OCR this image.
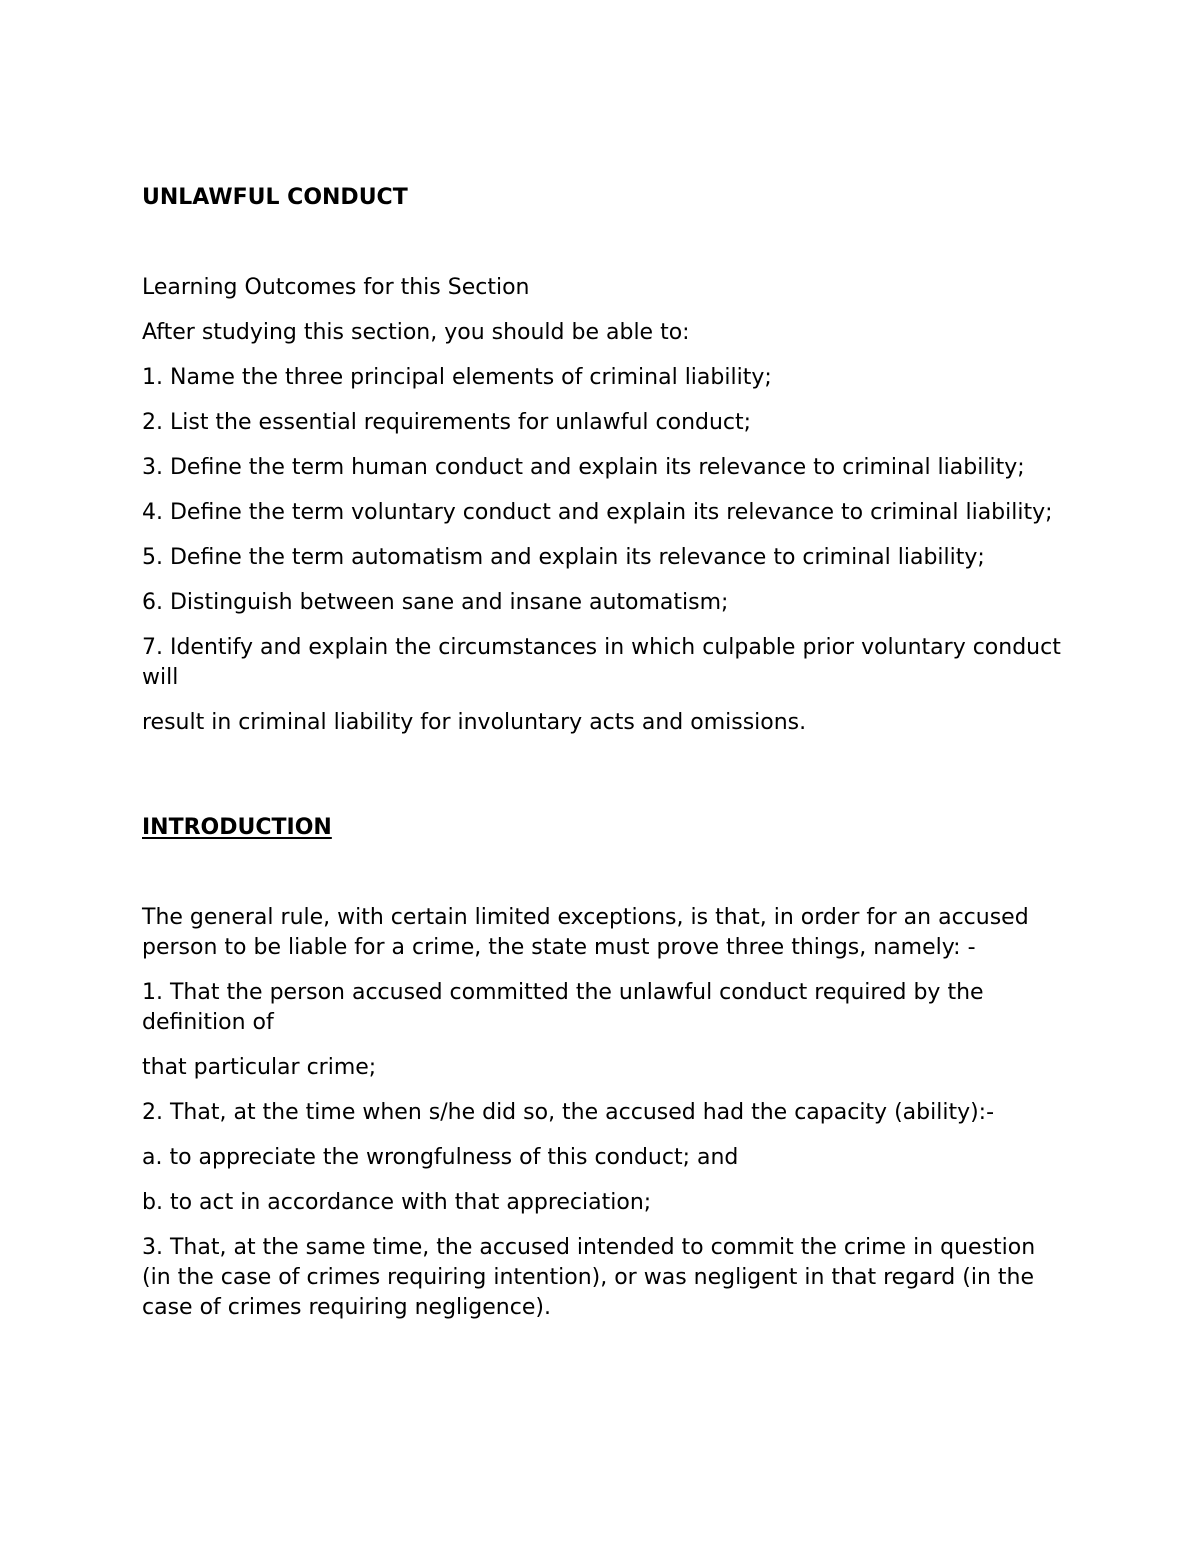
UNLAWFUL CONDUCT

Learning Outcomes for this Section

After studying this section, you should be able to:

1. Name the three principal elements of criminal liability;

2. List the essential requirements for unlawful conduct;

3. Define the term human conduct and explain its relevance to criminal liability;

4. Define the term voluntary conduct and explain its relevance to criminal liability;

5. Define the term automatism and explain its relevance to criminal liability;

6. Distinguish between sane and insane automatism;

7. Identify and explain the circumstances in which culpable prior voluntary conduct will

result in criminal liability for involuntary acts and omissions.

INTRODUCTION

The general rule, with certain limited exceptions, is that, in order for an accused person to be liable for a crime, the state must prove three things, namely: -

1. That the person accused committed the unlawful conduct required by the definition of

that particular crime;

2. That, at the time when s/he did so, the accused had the capacity (ability):-

a. to appreciate the wrongfulness of this conduct; and

b. to act in accordance with that appreciation;

3. That, at the same time, the accused intended to commit the crime in question (in the case of crimes requiring intention), or was negligent in that regard (in the case of crimes requiring negligence).
